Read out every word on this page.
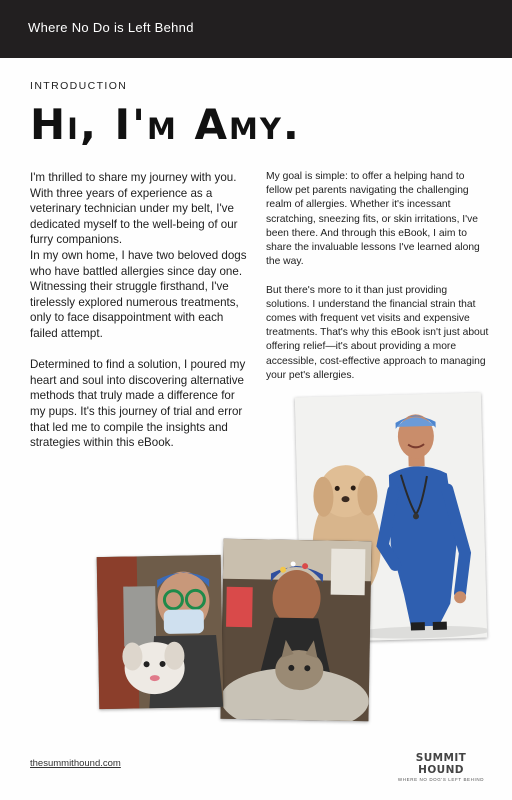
Where No Do is Left Behnd
INTRODUCTION
Hi, I'm Amy.

I'm thrilled to share my journey with you. With three years of experience as a veterinary technician under my belt, I've dedicated myself to the well-being of our furry companions.

In my own home, I have two beloved dogs who have battled allergies since day one. Witnessing their struggle firsthand, I've tirelessly explored numerous treatments, only to face disappointment with each failed attempt.

Determined to find a solution, I poured my heart and soul into discovering alternative methods that truly made a difference for my pups. It's this journey of trial and error that led me to compile the insights and strategies within this eBook.

My goal is simple: to offer a helping hand to fellow pet parents navigating the challenging realm of allergies. Whether it's incessant scratching, sneezing fits, or skin irritations, I've been there. And through this eBook, I aim to share the invaluable lessons I've learned along the way.

But there's more to it than just providing solutions. I understand the financial strain that comes with frequent vet visits and expensive treatments. That's why this eBook isn't just about offering relief—it's about providing a more accessible, cost-effective approach to managing your pet's allergies.

thesummithound.com	SUMMIT HOUND
WHERE NO DOG'S LEFT BEHIND
